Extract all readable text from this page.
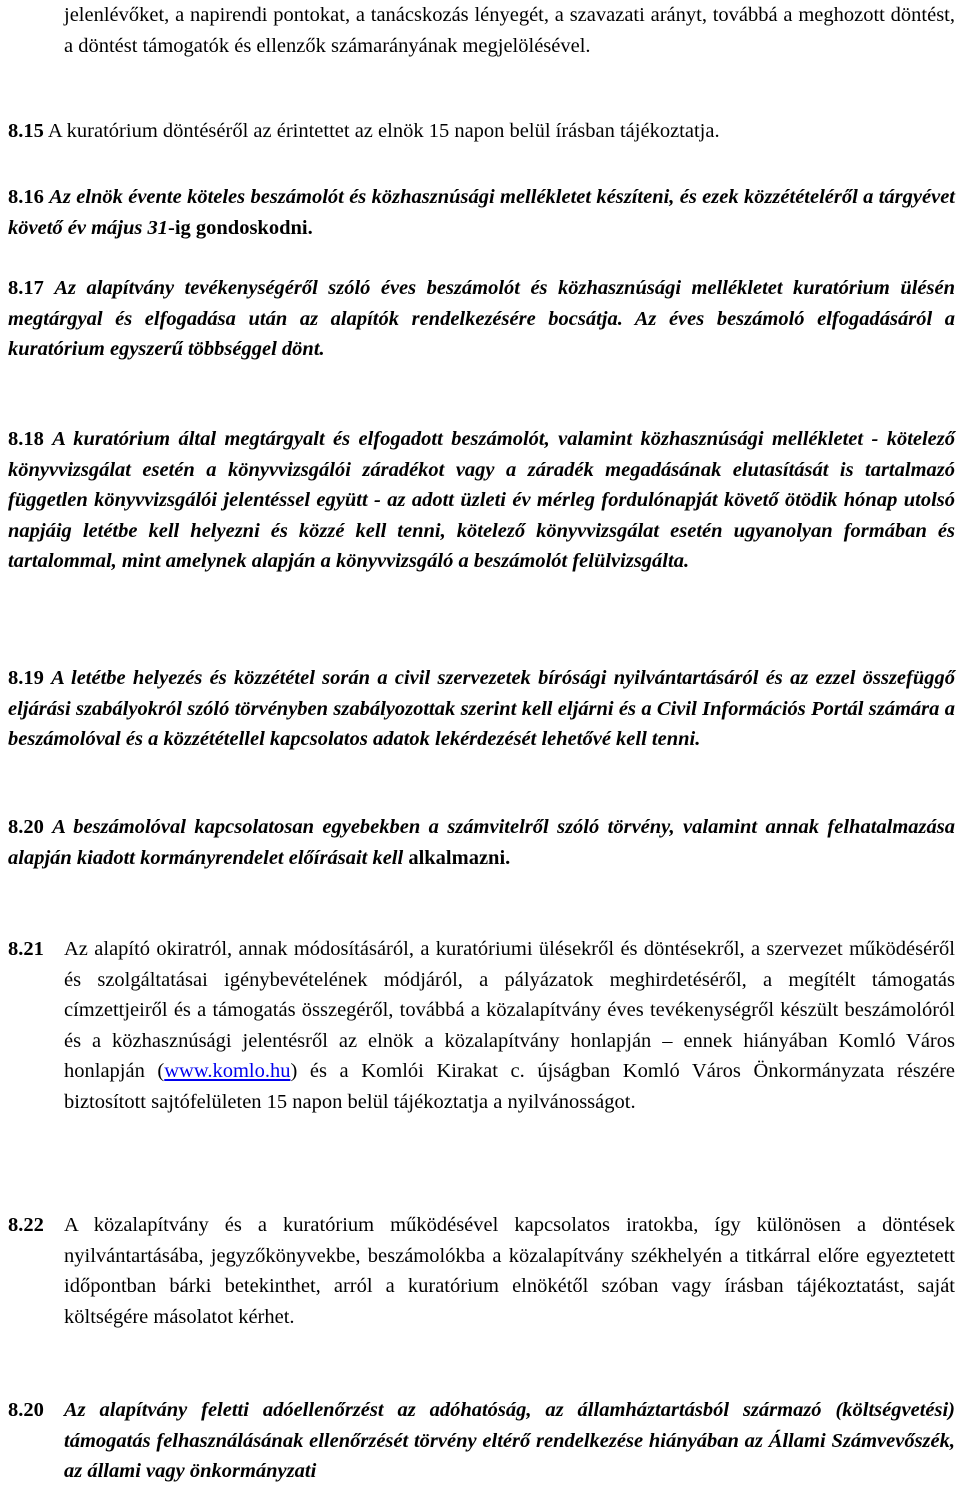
jelenlévőket, a napirendi pontokat, a tanácskozás lényegét, a szavazati arányt, továbbá a meghozott döntést, a döntést támogatók és ellenzők számarányának megjelölésével.
8.15 A kuratórium döntéséről az érintettet az elnök 15 napon belül írásban tájékoztatja.
8.16 Az elnök évente köteles beszámolót és közhasznúsági mellékletet készíteni, és ezek közzétételéről a tárgyévet követő év május 31-ig gondoskodni.
8.17 Az alapítvány tevékenységéről szóló éves beszámolót és közhasznúsági mellékletet kuratórium ülésén megtárgyal és elfogadása után az alapítók rendelkezésére bocsátja. Az éves beszámoló elfogadásáról a kuratórium egyszerű többséggel dönt.
8.18 A kuratórium által megtárgyalt és elfogadott beszámolót, valamint közhasznúsági mellékletet - kötelező könyvvizsgálat esetén a könyvvizsgálói záradékot vagy a záradék megadásának elutasítását is tartalmazó független könyvvizsgálói jelentéssel együtt - az adott üzleti év mérleg fordulónapját követő ötödik hónap utolsó napjáig letétbe kell helyezni és közzé kell tenni, kötelező könyvvizsgálat esetén ugyanolyan formában és tartalommal, mint amelynek alapján a könyvvizsgáló a beszámolót felülvizsgálta.
8.19 A letétbe helyezés és közzététel során a civil szervezetek bírósági nyilvántartásáról és az ezzel összefüggő eljárási szabályokról szóló törvényben szabályozottak szerint kell eljárni és a Civil Információs Portál számára a beszámolóval és a közzététellel kapcsolatos adatok lekérdezését lehetővé kell tenni.
8.20 A beszámolóval kapcsolatosan egyebekben a számvitelről szóló törvény, valamint annak felhatalmazása alapján kiadott kormányrendelet előírásait kell alkalmazni.
8.21 Az alapító okiratról, annak módosításáról, a kuratóriumi ülésekről és döntésekről, a szervezet működéséről és szolgáltatásai igénybevételének módjáról, a pályázatok meghirdetéséről, a megítélt támogatás címzettjeiről és a támogatás összegéről, továbbá a közalapítvány éves tevékenységről készült beszámolóról és a közhasznúsági jelentésről az elnök a közalapítvány honlapján – ennek hiányában Komló Város honlapján (www.komlo.hu) és a Komlói Kirakat c. újságban Komló Város Önkormányzata részére biztosított sajtófelületen 15 napon belül tájékoztatja a nyilvánosságot.
8.22 A közalapítvány és a kuratórium működésével kapcsolatos iratokba, így különösen a döntések nyilvántartásába, jegyzőkönyvekbe, beszámolókba a közalapítvány székhelyén a titkárral előre egyeztetett időpontban bárki betekinthet, arról a kuratórium elnökétől szóban vagy írásban tájékoztatást, saját költségére másolatot kérhet.
8.20 Az alapítvány feletti adóellenőrzést az adóhatóság, az államháztartásból származó (költségvetési) támogatás felhasználásának ellenőrzését törvény eltérő rendelkezése hiányában az Állami Számvevőszék, az állami vagy önkormányzati
